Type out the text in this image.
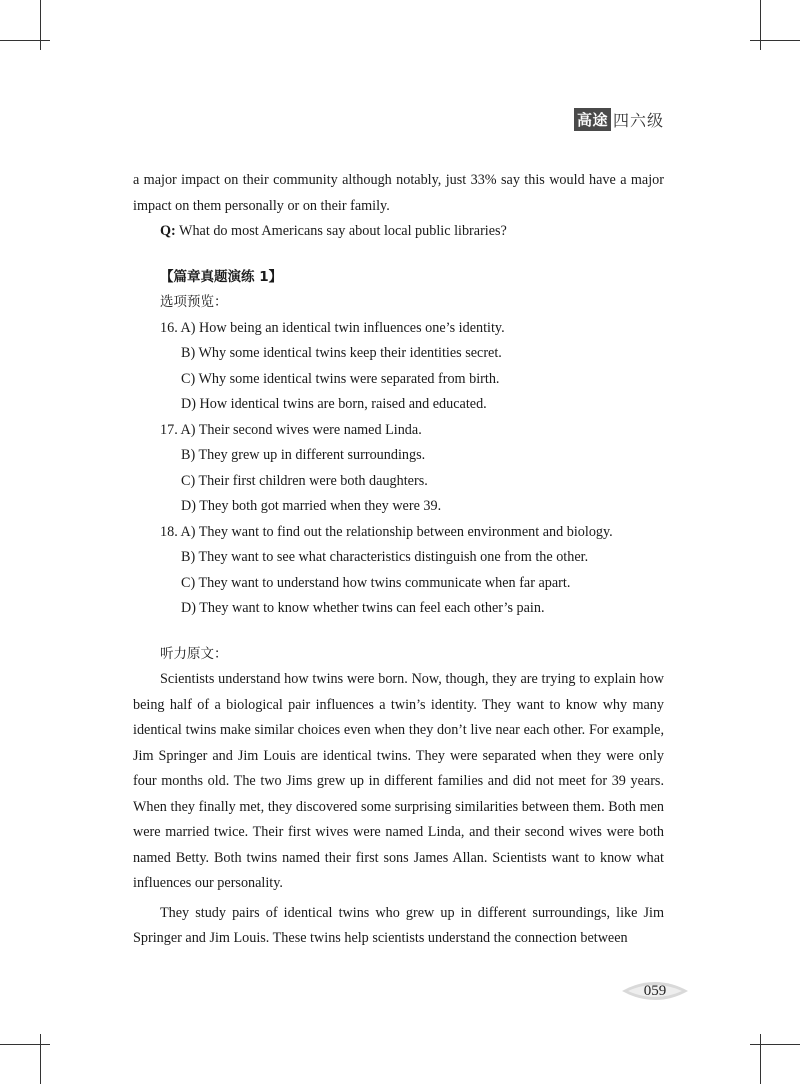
高途 四六级

a major impact on their community although notably, just 33% say this would have a major

impact on them personally or on their family.

Q: What do most Americans say about local public libraries?

【篇章真题演练 1】

选项预览：

16. A) How being an identical twin influences one’s identity.

B) Why some identical twins keep their identities secret.

C) Why some identical twins were separated from birth.

D) How identical twins are born, raised and educated.

17. A) Their second wives were named Linda.

B) They grew up in different surroundings.

C) Their first children were both daughters.

D) They both got married when they were 39.

18. A) They want to find out the relationship between environment and biology.

B) They want to see what characteristics distinguish one from the other.

C) They want to understand how twins communicate when far apart.

D) They want to know whether twins can feel each other’s pain.

听力原文：

Scientists understand how twins were born. Now, though, they are trying to explain how being half of a biological pair influences a twin’s identity. They want to know why many identical twins make similar choices even when they don’t live near each other. For example, Jim Springer and Jim Louis are identical twins. They were separated when they were only four months old. The two Jims grew up in different families and did not meet for 39 years. When they finally met, they discovered some surprising similarities between them. Both men were married twice. Their first wives were named Linda, and their second wives were both named Betty. Both twins named their first sons James Allan. Scientists want to know what influences our personality.

They study pairs of identical twins who grew up in different surroundings, like Jim Springer and Jim Louis. These twins help scientists understand the connection between

059
